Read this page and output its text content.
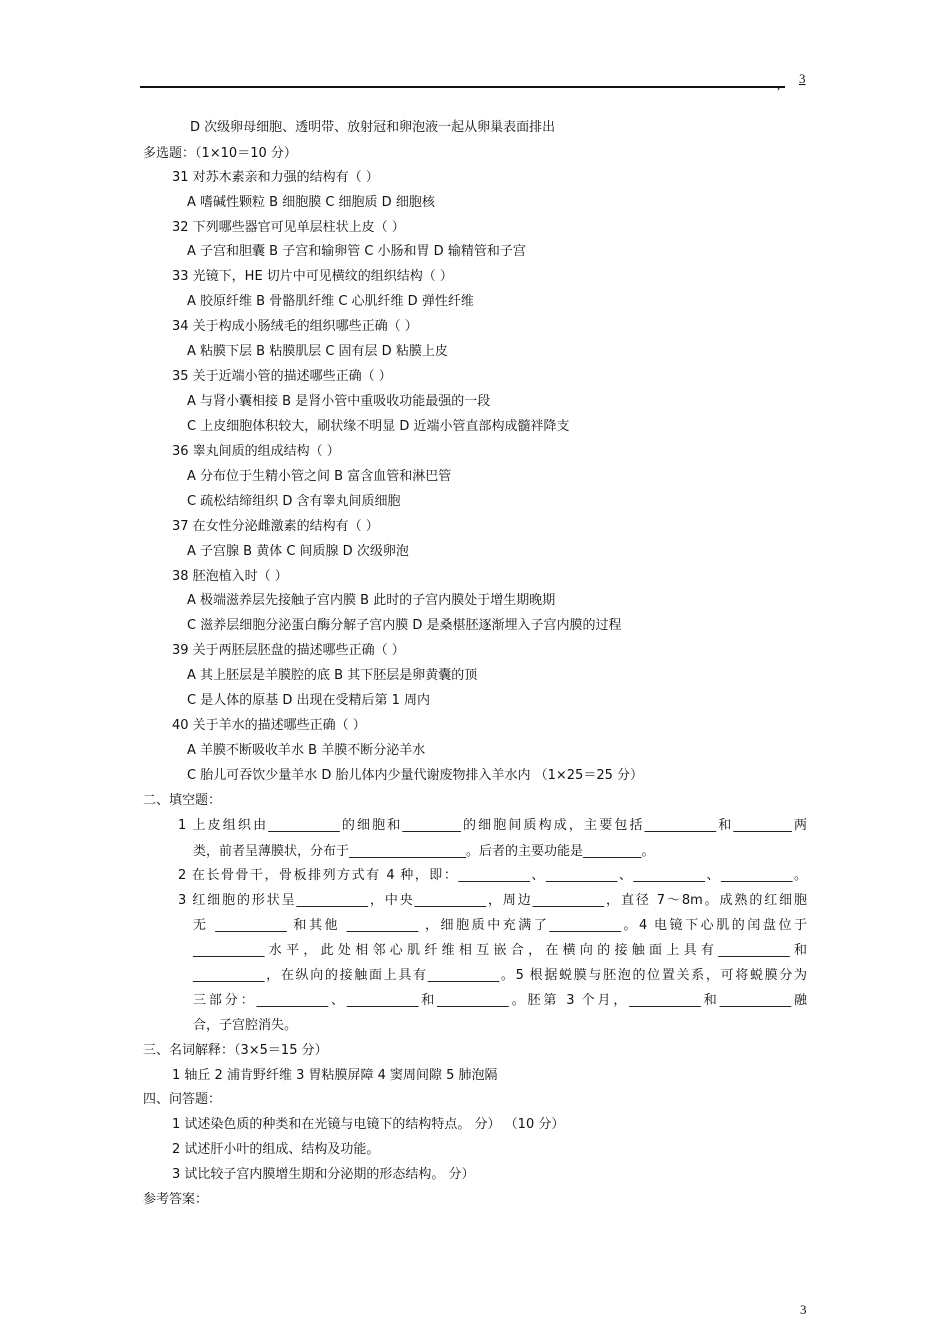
, 3
D 次级卵母细胞、透明带、放射冠和卵泡液一起从卵巢表面排出
多选题：（1×10＝10 分）
31 对苏木素亲和力强的结构有（ ）
A 嗜碱性颗粒 B 细胞膜 C 细胞质 D 细胞核
32 下列哪些器官可见单层柱状上皮（ ）
A 子宫和胆囊 B 子宫和输卵管 C 小肠和胃 D 输精管和子宫
33 光镜下，HE 切片中可见横纹的组织结构（ ）
A 胶原纤维 B 骨骼肌纤维 C 心肌纤维 D 弹性纤维
34 关于构成小肠绒毛的组织哪些正确（ ）
A 粘膜下层 B 粘膜肌层 C 固有层 D 粘膜上皮
35 关于近端小管的描述哪些正确（ ）
A 与肾小囊相接 B 是肾小管中重吸收功能最强的一段
C 上皮细胞体积较大，刷状缘不明显 D 近端小管直部构成髓袢降支
36 睾丸间质的组成结构（ ）
A 分布位于生精小管之间 B 富含血管和淋巴管
C 疏松结缔组织 D 含有睾丸间质细胞
37 在女性分泌雌激素的结构有（ ）
A 子宫腺 B 黄体 C 间质腺 D 次级卵泡
38 胚泡植入时（ ）
A 极端滋养层先接触子宫内膜 B 此时的子宫内膜处于增生期晚期
C 滋养层细胞分泌蛋白酶分解子宫内膜 D 是桑椹胚逐渐埋入子宫内膜的过程
39 关于两胚层胚盘的描述哪些正确（ ）
A 其上胚层是羊膜腔的底 B 其下胚层是卵黄囊的顶
C 是人体的原基 D 出现在受精后第 1 周内
40 关于羊水的描述哪些正确（ ）
A 羊膜不断吸收羊水 B 羊膜不断分泌羊水
C 胎儿可吞饮少量羊水 D 胎儿体内少量代谢废物排入羊水内 （1×25＝25 分）
二、填空题：
1 上皮组织由___________的细胞和_________的细胞间质构成，主要包括___________和_________两
类，前者呈薄膜状，分布于__________________。后者的主要功能是_________。
2 在长骨骨干，骨板排列方式有 4 种，即：___________、___________、___________、___________。
3 红细胞的形状呈___________，中央___________，周边___________，直径 7～8m。成熟的红细胞
无 ___________ 和其他 ___________ ，细胞质中充满了___________。4 电镜下心肌的闰盘位于
___________水平，此处相邻心肌纤维相互嵌合，在横向的接触面上具有___________和
___________，在纵向的接触面上具有___________。5 根据蜕膜与胚泡的位置关系，可将蜕膜分为
三部分：___________、___________和___________。胚第 3 个月，___________和___________融
合，子宫腔消失。
三、名词解释：（3×5＝15 分）
1 轴丘 2 浦肯野纤维 3 胃粘膜屏障 4 窦周间隙 5 肺泡隔
四、问答题：
1 试述染色质的种类和在光镜与电镜下的结构特点。 分） （10 分）
2 试述肝小叶的组成、结构及功能。
3 试比较子宫内膜增生期和分泌期的形态结构。 分）
参考答案：
3
